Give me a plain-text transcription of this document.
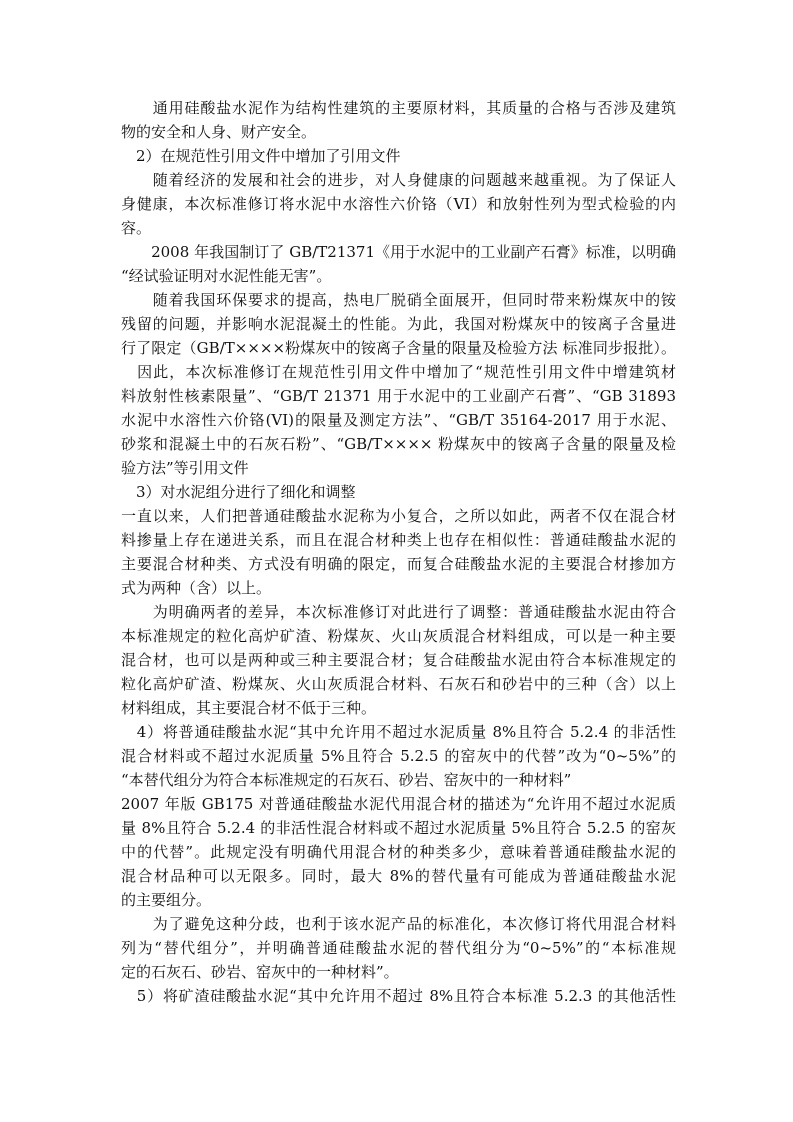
　　通用硅酸盐水泥作为结构性建筑的主要原材料，其质量的合格与否涉及建筑
物的安全和人身、财产安全。
　2）在规范性引用文件中增加了引用文件
　　随着经济的发展和社会的进步，对人身健康的问题越来越重视。为了保证人
身健康，本次标准修订将水泥中水溶性六价铬（VI）和放射性列为型式检验的内
容。
　　2008 年我国制订了 GB/T21371《用于水泥中的工业副产石膏》标准，以明确
“经试验证明对水泥性能无害”。
　　随着我国环保要求的提高，热电厂脱硝全面展开，但同时带来粉煤灰中的铵
残留的问题，并影响水泥混凝土的性能。为此，我国对粉煤灰中的铵离子含量进
行了限定（GB/T××××粉煤灰中的铵离子含量的限量及检验方法 标准同步报批）。
　因此，本次标准修订在规范性引用文件中增加了“规范性引用文件中增建筑材
料放射性核素限量”、“GB/T 21371 用于水泥中的工业副产石膏”、“GB 31893
水泥中水溶性六价铬(VI)的限量及测定方法”、“GB/T 35164-2017 用于水泥、
砂浆和混凝土中的石灰石粉”、“GB/T×××× 粉煤灰中的铵离子含量的限量及检
验方法”等引用文件
　3）对水泥组分进行了细化和调整
一直以来，人们把普通硅酸盐水泥称为小复合，之所以如此，两者不仅在混合材
料掺量上存在递进关系，而且在混合材种类上也存在相似性：普通硅酸盐水泥的
主要混合材种类、方式没有明确的限定，而复合硅酸盐水泥的主要混合材掺加方
式为两种（含）以上。
　　为明确两者的差异，本次标准修订对此进行了调整：普通硅酸盐水泥由符合
本标准规定的粒化高炉矿渣、粉煤灰、火山灰质混合材料组成，可以是一种主要
混合材，也可以是两种或三种主要混合材；复合硅酸盐水泥由符合本标准规定的
粒化高炉矿渣、粉煤灰、火山灰质混合材料、石灰石和砂岩中的三种（含）以上
材料组成，其主要混合材不低于三种。
　4）将普通硅酸盐水泥“其中允许用不超过水泥质量 8%且符合 5.2.4 的非活性
混合材料或不超过水泥质量 5%且符合 5.2.5 的窑灰中的代替”改为“0~5%”的
“本替代组分为符合本标准规定的石灰石、砂岩、窑灰中的一种材料”
2007 年版 GB175 对普通硅酸盐水泥代用混合材的描述为“允许用不超过水泥质
量 8%且符合 5.2.4 的非活性混合材料或不超过水泥质量 5%且符合 5.2.5 的窑灰
中的代替”。此规定没有明确代用混合材的种类多少，意味着普通硅酸盐水泥的
混合材品种可以无限多。同时，最大 8%的替代量有可能成为普通硅酸盐水泥
的主要组分。
　　为了避免这种分歧，也利于该水泥产品的标准化，本次修订将代用混合材料
列为“替代组分”，并明确普通硅酸盐水泥的替代组分为“0~5%”的“本标准规
定的石灰石、砂岩、窑灰中的一种材料”。
　5）将矿渣硅酸盐水泥“其中允许用不超过 8%且符合本标准 5.2.3 的其他活性
